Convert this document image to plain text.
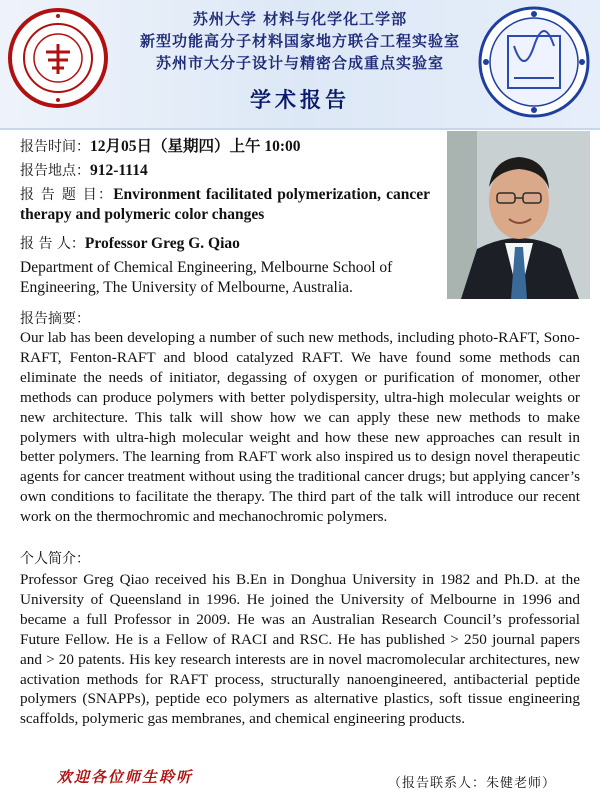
苏州大学 材料与化学化工学部
新型功能高分子材料国家地方联合工程实验室
苏州市大分子设计与精密合成重点实验室
学术报告
报告时间：12月05日（星期四）上午 10:00
报告地点：912-1114
报 告 题 目：Environment facilitated polymerization, cancer therapy and polymeric color changes
报 告 人：Professor Greg G. Qiao
Department of Chemical Engineering, Melbourne School of Engineering, The University of Melbourne, Australia.
报告摘要：
Our lab has been developing a number of such new methods, including photo-RAFT, Sono-RAFT, Fenton-RAFT and blood catalyzed RAFT. We have found some methods can eliminate the needs of initiator, degassing of oxygen or purification of monomer, other methods can produce polymers with better polydispersity, ultra-high molecular weights or new architecture. This talk will show how we can apply these new methods to make polymers with ultra-high molecular weight and how these new approaches can result in better polymers. The learning from RAFT work also inspired us to design novel therapeutic agents for cancer treatment without using the traditional cancer drugs; but applying cancer’s own conditions to facilitate the therapy. The third part of the talk will introduce our recent work on the thermochromic and mechanochromic polymers.
个人简介：
Professor Greg Qiao received his B.En in Donghua University in 1982 and Ph.D. at the University of Queensland in 1996. He joined the University of Melbourne in 1996 and became a full Professor in 2009. He was an Australian Research Council’s professorial Future Fellow. He is a Fellow of RACI and RSC. He has published > 250 journal papers and > 20 patents. His key research interests are in novel macromolecular architectures, new activation methods for RAFT process, structurally nanoengineered, antibacterial peptide polymers (SNAPPs), peptide eco polymers as alternative plastics, soft tissue engineering scaffolds, polymeric gas membranes, and chemical engineering products.
欢迎各位师生聆听	（报告联系人：朱健老师）
